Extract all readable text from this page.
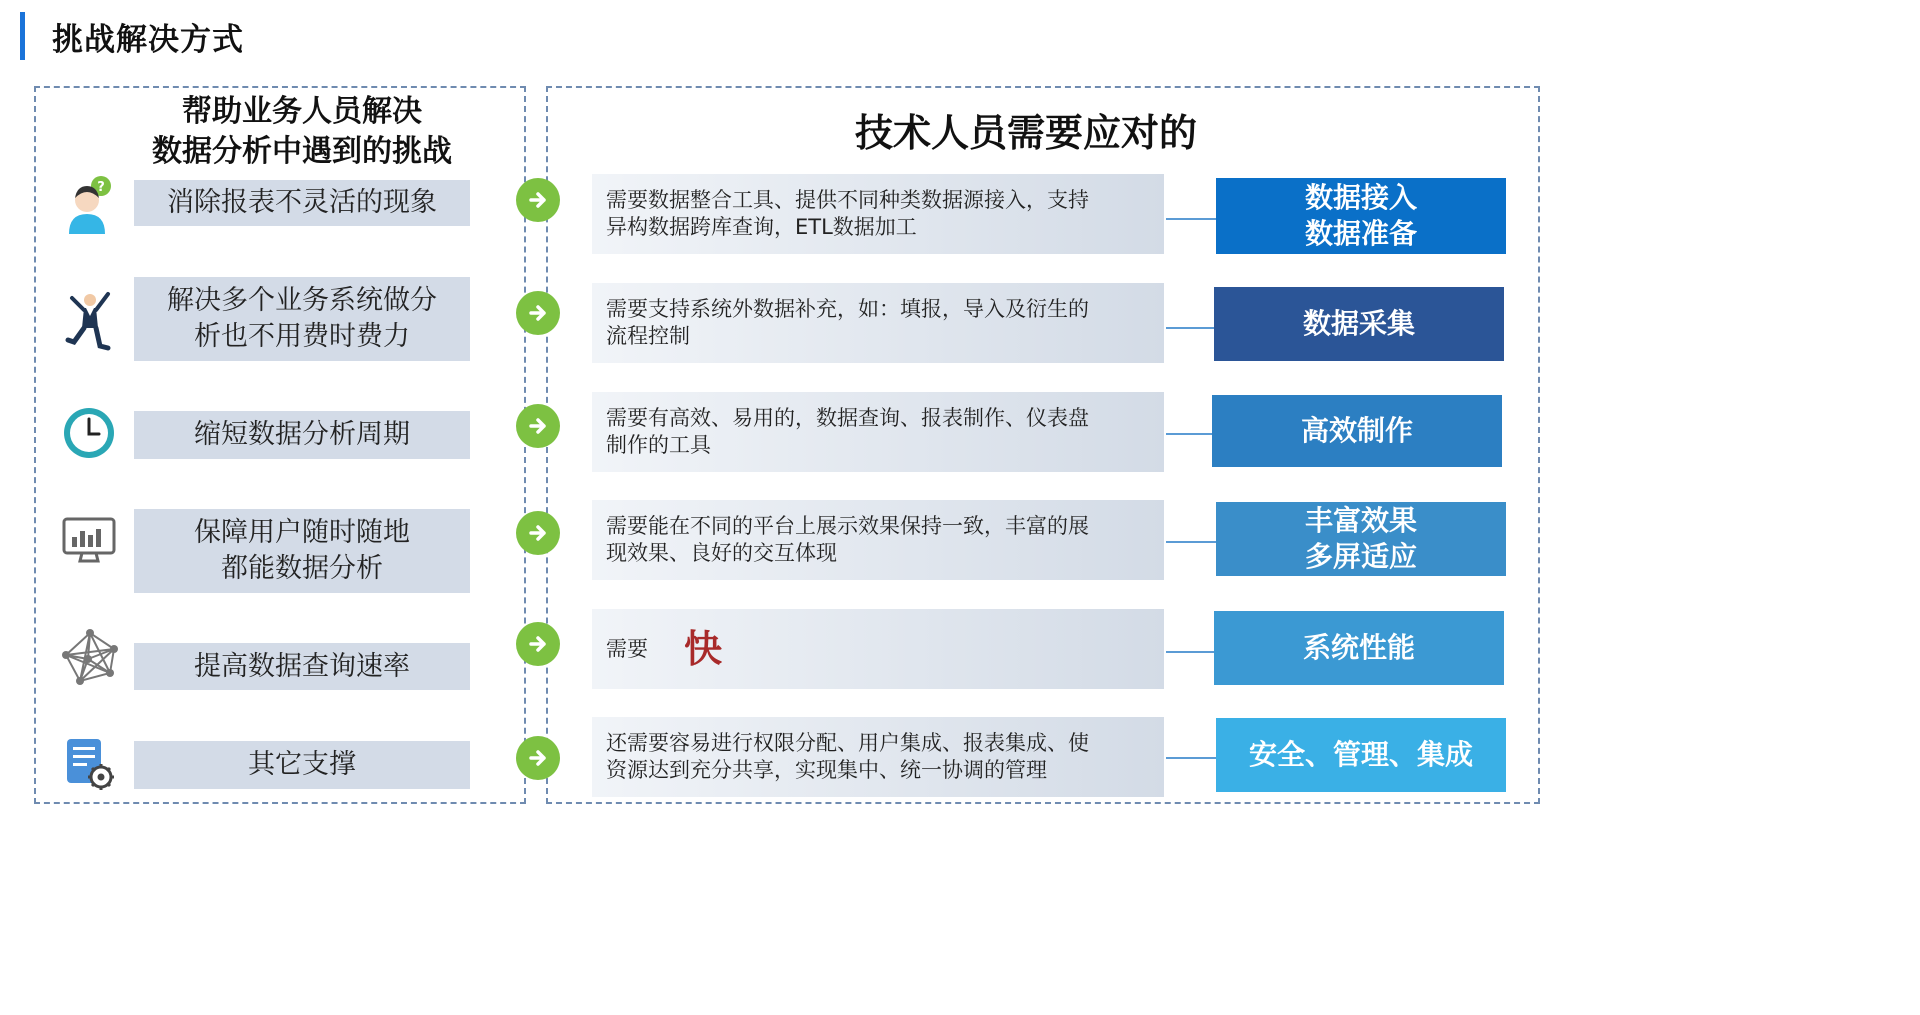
挑战解决方式
帮助业务人员解决
数据分析中遇到的挑战	技术人员需要应对的
? 消除报表不灵活的现象	需要数据整合工具、提供不同种类数据源接入，支持
异构数据跨库查询，ETL数据加工
数据接入
数据准备
解决多个业务系统做分
析也不用费时费力
需要支持系统外数据补充，如：填报，导入及衍生的
流程控制	数据采集
缩短数据分析周期
需要有高效、易用的，数据查询、报表制作、仪表盘
制作的工具	高效制作
保障用户随时随地
都能数据分析
需要能在不同的平台上展示效果保持一致，丰富的展
现效果、良好的交互体现
丰富效果
多屏适应
提高数据查询速率
需要 快	系统性能
其它支撑
还需要容易进行权限分配、用户集成、报表集成、使
资源达到充分共享，实现集中、统一协调的管理	安全、管理、集成
